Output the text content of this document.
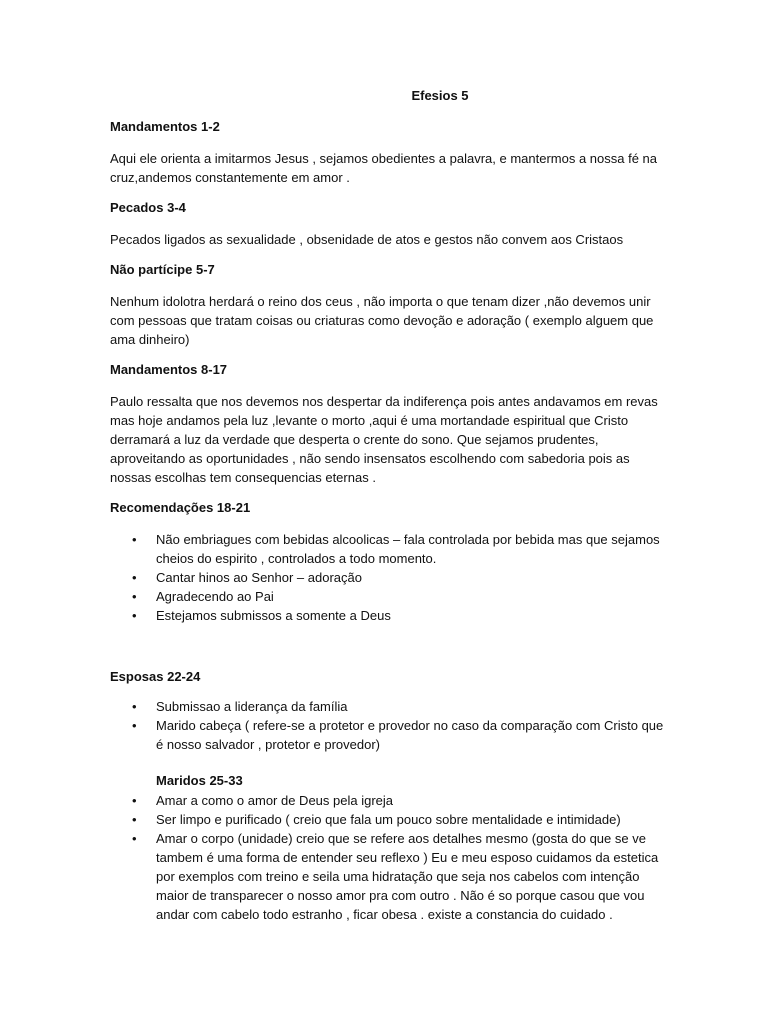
Efesios 5
Mandamentos 1-2
Aqui ele orienta a imitarmos Jesus , sejamos obedientes a palavra, e mantermos a nossa fé na cruz,andemos constantemente em amor .
Pecados 3-4
Pecados ligados as sexualidade , obsenidade de atos e gestos não convem aos Cristaos
Não partícipe 5-7
Nenhum idolotra herdará o reino dos ceus , não importa o que tenam dizer ,não devemos unir com pessoas que tratam coisas ou criaturas como devoção e adoração ( exemplo alguem que ama dinheiro)
Mandamentos 8-17
Paulo ressalta que nos devemos nos despertar da indiferença pois antes andavamos em revas mas hoje andamos pela luz ,levante o morto ,aqui é uma mortandade espiritual que Cristo derramará a luz da verdade que desperta o crente do sono. Que sejamos prudentes, aproveitando as oportunidades , não sendo insensatos escolhendo com sabedoria pois as nossas escolhas tem consequencias eternas .
Recomendações 18-21
• Não embriagues com bebidas alcoolicas – fala controlada por bebida mas que sejamos cheios do espirito , controlados a todo momento.
• Cantar hinos ao Senhor – adoração
• Agradecendo ao Pai
• Estejamos submissos a somente a Deus
Esposas 22-24
• Submissao a liderança da família
• Marido cabeça ( refere-se a protetor e provedor no caso da comparação com Cristo que é nosso salvador , protetor e provedor)
Maridos 25-33
• Amar a como o amor de Deus pela igreja
• Ser limpo e purificado ( creio que fala um pouco sobre mentalidade e intimidade)
• Amar o corpo (unidade) creio que se refere aos detalhes mesmo (gosta do que se ve tambem é uma forma de entender seu reflexo ) Eu e meu esposo cuidamos da estetica por exemplos com treino e seila uma hidratação que seja nos cabelos com intenção maior de transparecer o nosso amor pra com outro . Não é so porque casou que vou andar com cabelo todo estranho , ficar obesa . existe a constancia do cuidado .
